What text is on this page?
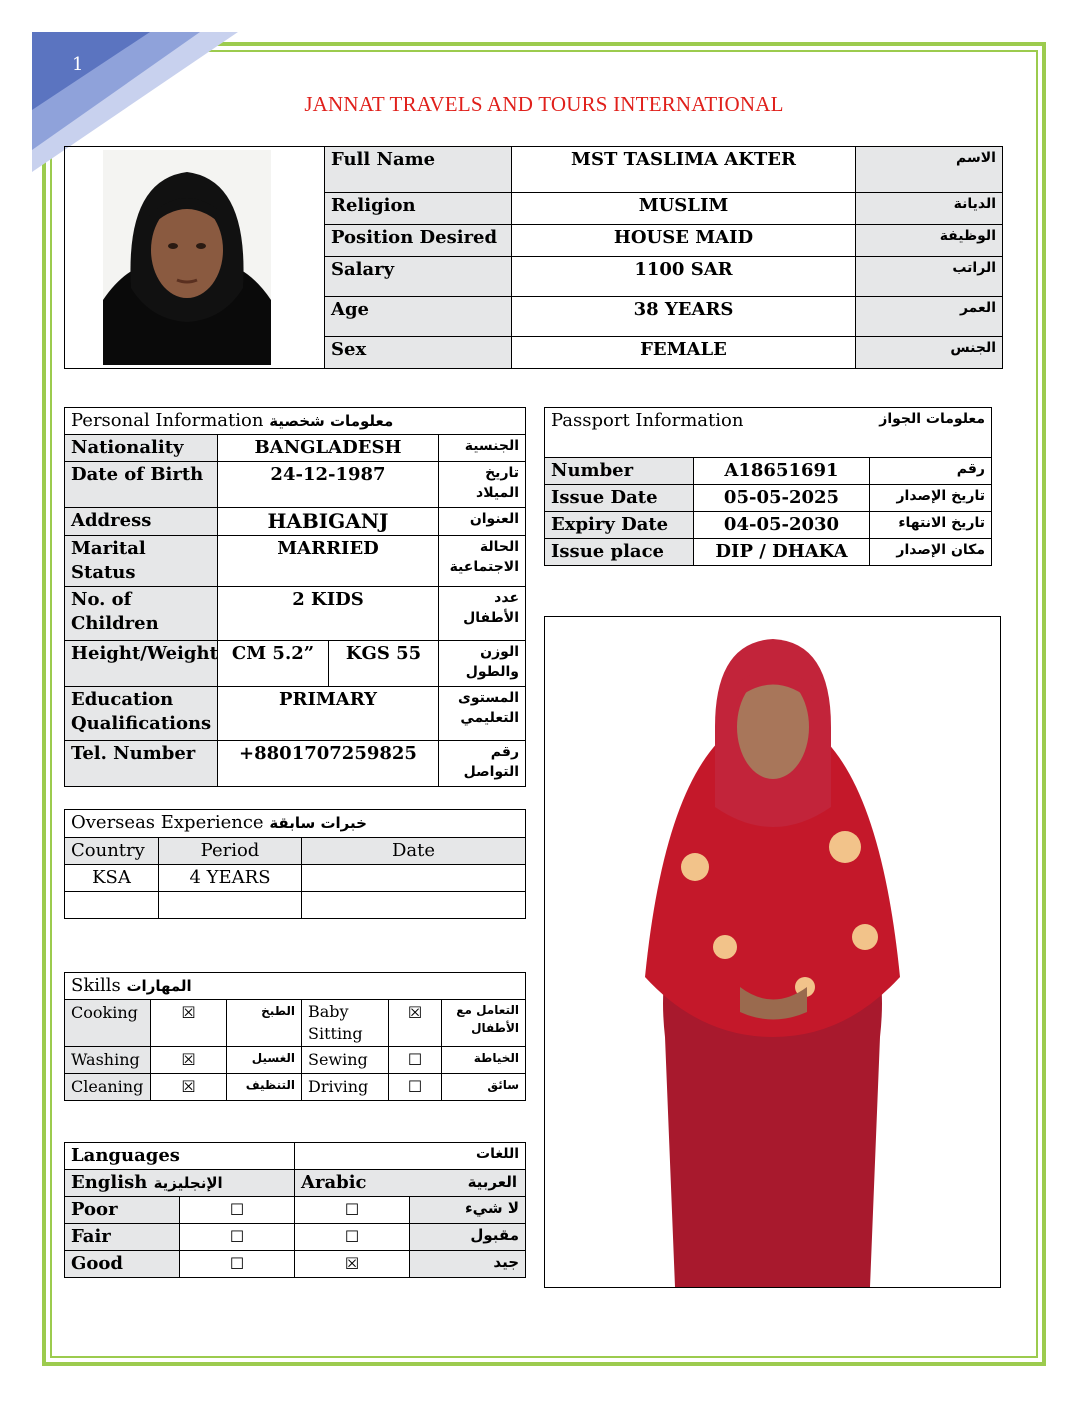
1
JANNAT TRAVELS AND TOURS INTERNATIONAL
	Full Name	MST TASLIMA AKTER	الاسم
	Religion	MUSLIM	الديانة
	Position Desired	HOUSE MAID	الوظيفة
	Salary	1100 SAR	الراتب
	Age	38 YEARS	العمر
	Sex	FEMALE	الجنس
Personal Information معلومات شخصية			
Nationality	BANGLADESH		الجنسية
Date of Birth	24-12-1987		تاريخ الميلاد
Address	HABIGANJ		العنوان
Marital Status	MARRIED		الحالة الاجتماعية
No. of Children	2 KIDS		عدد الأطفال
Height/Weight	CM 5.2”	KGS 55	الوزن والطول
Education Qualifications	PRIMARY		المستوى التعليمي
Tel. Number	+8801707259825		رقم التواصل
Passport Information		معلومات الجواز
Number	A18651691	رقم
Issue Date	05-05-2025	تاريخ الإصدار
Expiry Date	04-05-2030	تاريخ الانتهاء
Issue place	DIP / DHAKA	مكان الإصدار
Overseas Experience خبرات سابقة		
Country	Period	Date
KSA	4 YEARS	

Skills المهارات					
Cooking	☒	الطبخ	Baby Sitting	☒	التعامل مع الأطفال
Washing	☒	الغسيل	Sewing	☐	الخياطة
Cleaning	☒	التنظيف	Driving	☐	سائق
Languages		اللغات	
English الإنجليزية		Arabic العربية	

Poor	☐	☐	لا شيء
Fair	☐	☐	مقبول
Good	☐	☒	جيد
